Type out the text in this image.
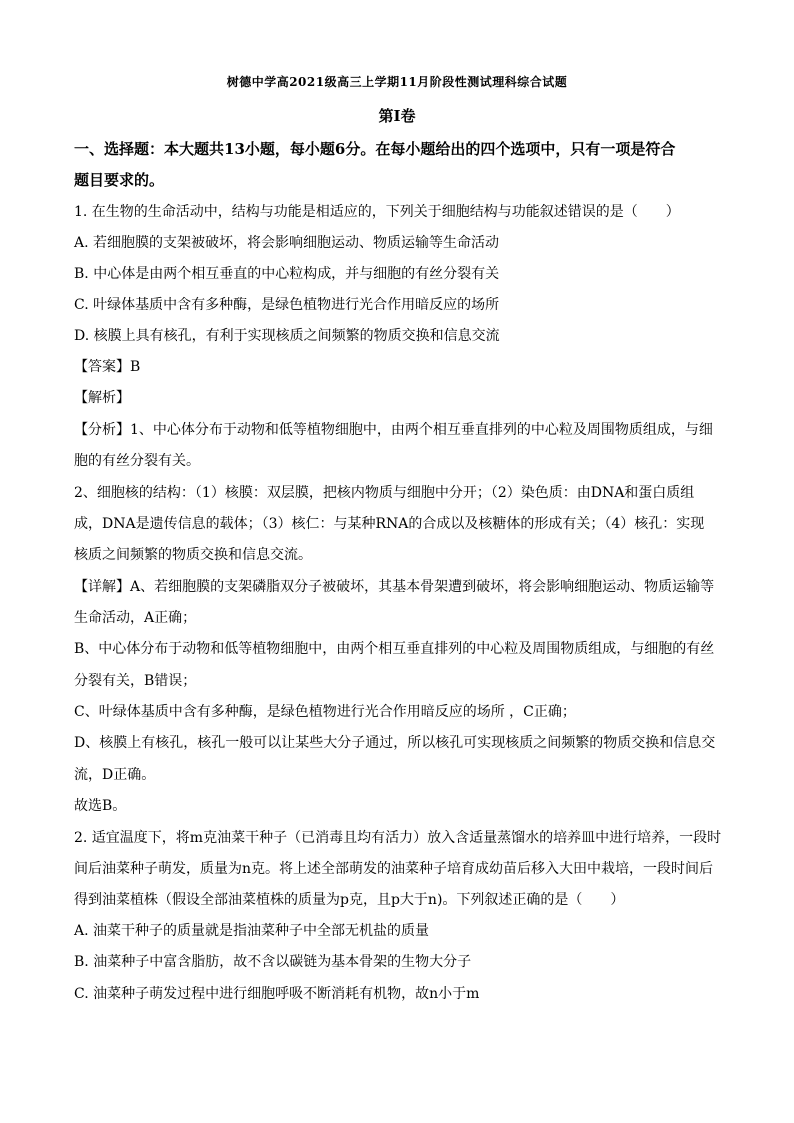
树德中学高2021级高三上学期11月阶段性测试理科综合试题
第I卷
一、选择题：本大题共13小题，每小题6分。在每小题给出的四个选项中，只有一项是符合
题目要求的。
1. 在生物的生命活动中，结构与功能是相适应的，下列关于细胞结构与功能叙述错误的是（　　）
A. 若细胞膜的支架被破坏，将会影响细胞运动、物质运输等生命活动
B. 中心体是由两个相互垂直的中心粒构成，并与细胞的有丝分裂有关
C. 叶绿体基质中含有多种酶，是绿色植物进行光合作用暗反应的场所
D. 核膜上具有核孔，有利于实现核质之间频繁的物质交换和信息交流
【答案】B
【解析】
【分析】1、中心体分布于动物和低等植物细胞中，由两个相互垂直排列的中心粒及周围物质组成，与细
胞的有丝分裂有关。
2、细胞核的结构：（1）核膜：双层膜，把核内物质与细胞中分开；（2）染色质：由DNA和蛋白质组
成，DNA是遗传信息的载体；（3）核仁：与某种RNA的合成以及核糖体的形成有关；（4）核孔：实现
核质之间频繁的物质交换和信息交流。
【详解】A、若细胞膜的支架磷脂双分子被破坏，其基本骨架遭到破坏，将会影响细胞运动、物质运输等
生命活动，A正确；
B、中心体分布于动物和低等植物细胞中，由两个相互垂直排列的中心粒及周围物质组成，与细胞的有丝
分裂有关，B错误；
C、叶绿体基质中含有多种酶，是绿色植物进行光合作用暗反应的场所 ，C正确；
D、核膜上有核孔，核孔一般可以让某些大分子通过，所以核孔可实现核质之间频繁的物质交换和信息交
流，D正确。
故选B。
2. 适宜温度下，将m克油菜干种子（已消毒且均有活力）放入含适量蒸馏水的培养皿中进行培养，一段时
间后油菜种子萌发，质量为n克。将上述全部萌发的油菜种子培育成幼苗后移入大田中栽培，一段时间后
得到油菜植株（假设全部油菜植株的质量为p克，且p大于n)。下列叙述正确的是（　　）
A. 油菜干种子的质量就是指油菜种子中全部无机盐的质量
B. 油菜种子中富含脂肪，故不含以碳链为基本骨架的生物大分子
C. 油菜种子萌发过程中进行细胞呼吸不断消耗有机物，故n小于m
